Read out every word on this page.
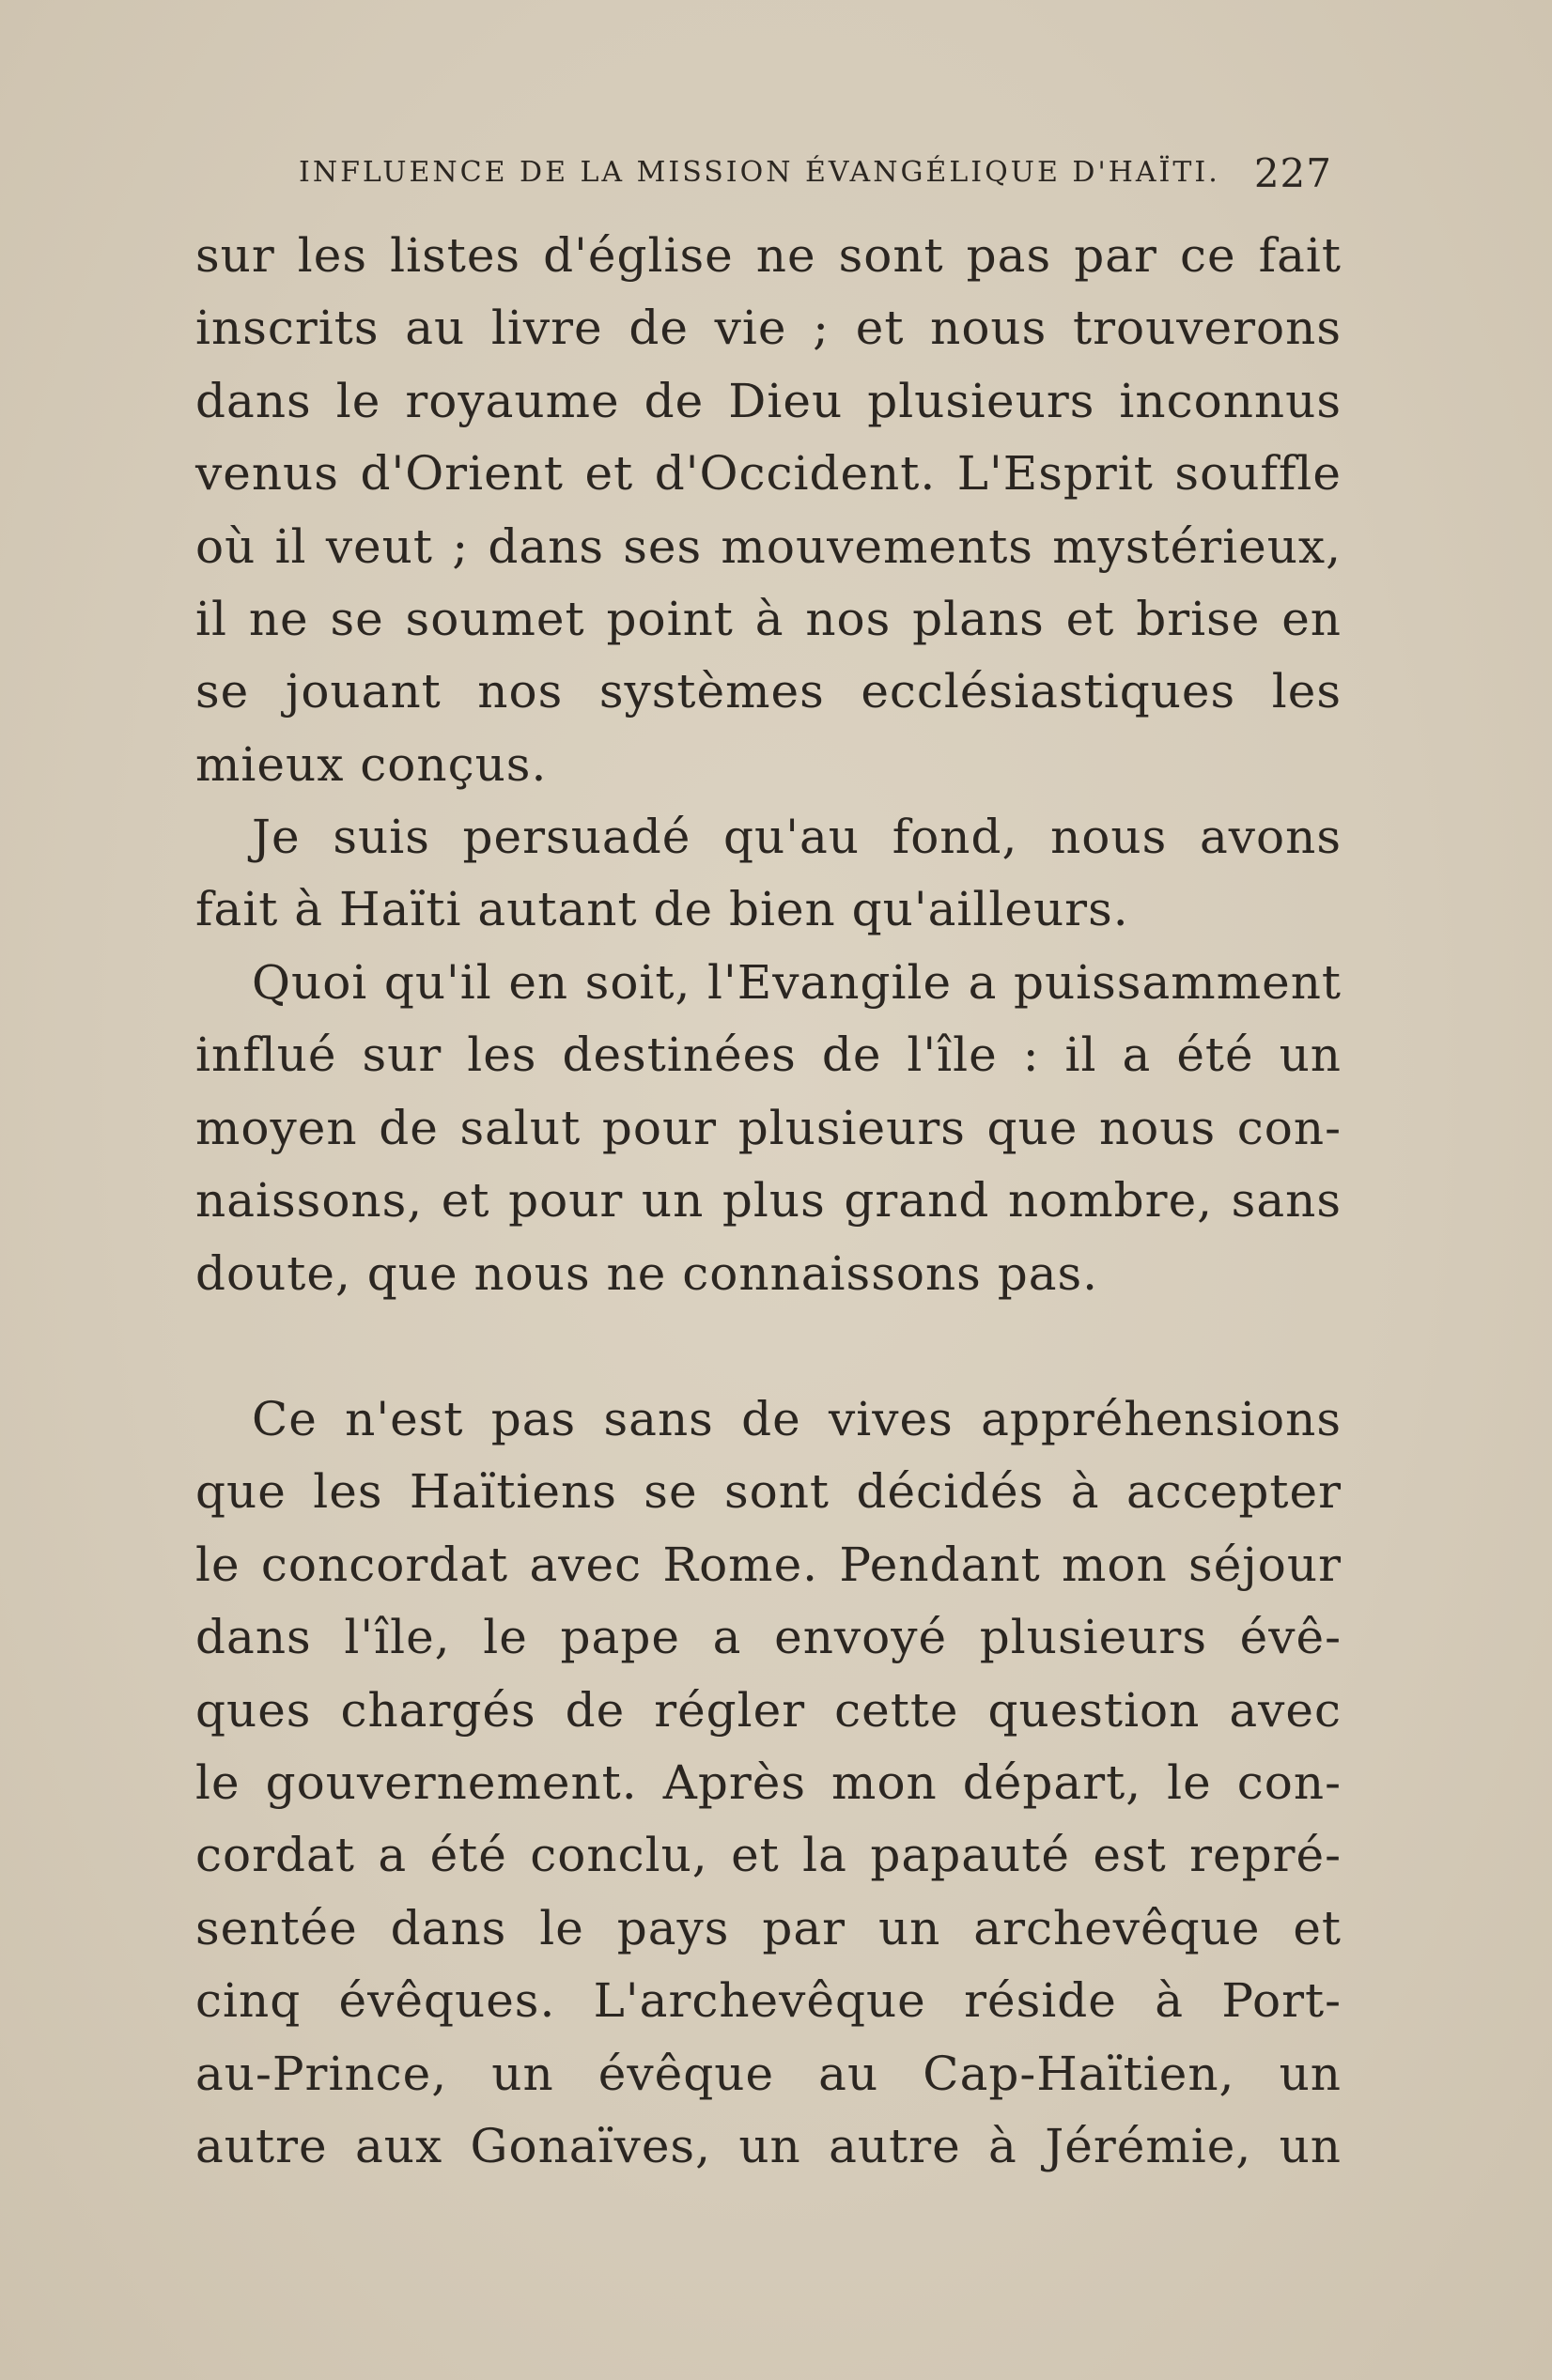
INFLUENCE DE LA MISSION ÉVANGÉLIQUE D'HAÏTI. 227
sur les listes d'église ne sont pas par ce fait
inscrits au livre de vie ; et nous trouverons
dans le royaume de Dieu plusieurs inconnus
venus d'Orient et d'Occident. L'Esprit souffle
où il veut ; dans ses mouvements mystérieux,
il ne se soumet point à nos plans et brise en
se jouant nos systèmes ecclésiastiques les
mieux conçus.
Je suis persuadé qu'au fond, nous avons
fait à Haïti autant de bien qu'ailleurs.
Quoi qu'il en soit, l'Evangile a puissamment
influé sur les destinées de l'île : il a été un
moyen de salut pour plusieurs que nous con-
naissons, et pour un plus grand nombre, sans
doute, que nous ne connaissons pas.
Ce n'est pas sans de vives appréhensions
que les Haïtiens se sont décidés à accepter
le concordat avec Rome. Pendant mon séjour
dans l'île, le pape a envoyé plusieurs évê-
ques chargés de régler cette question avec
le gouvernement. Après mon départ, le con-
cordat a été conclu, et la papauté est repré-
sentée dans le pays par un archevêque et
cinq évêques. L'archevêque réside à Port-
au-Prince, un évêque au Cap-Haïtien, un
autre aux Gonaïves, un autre à Jérémie, un
